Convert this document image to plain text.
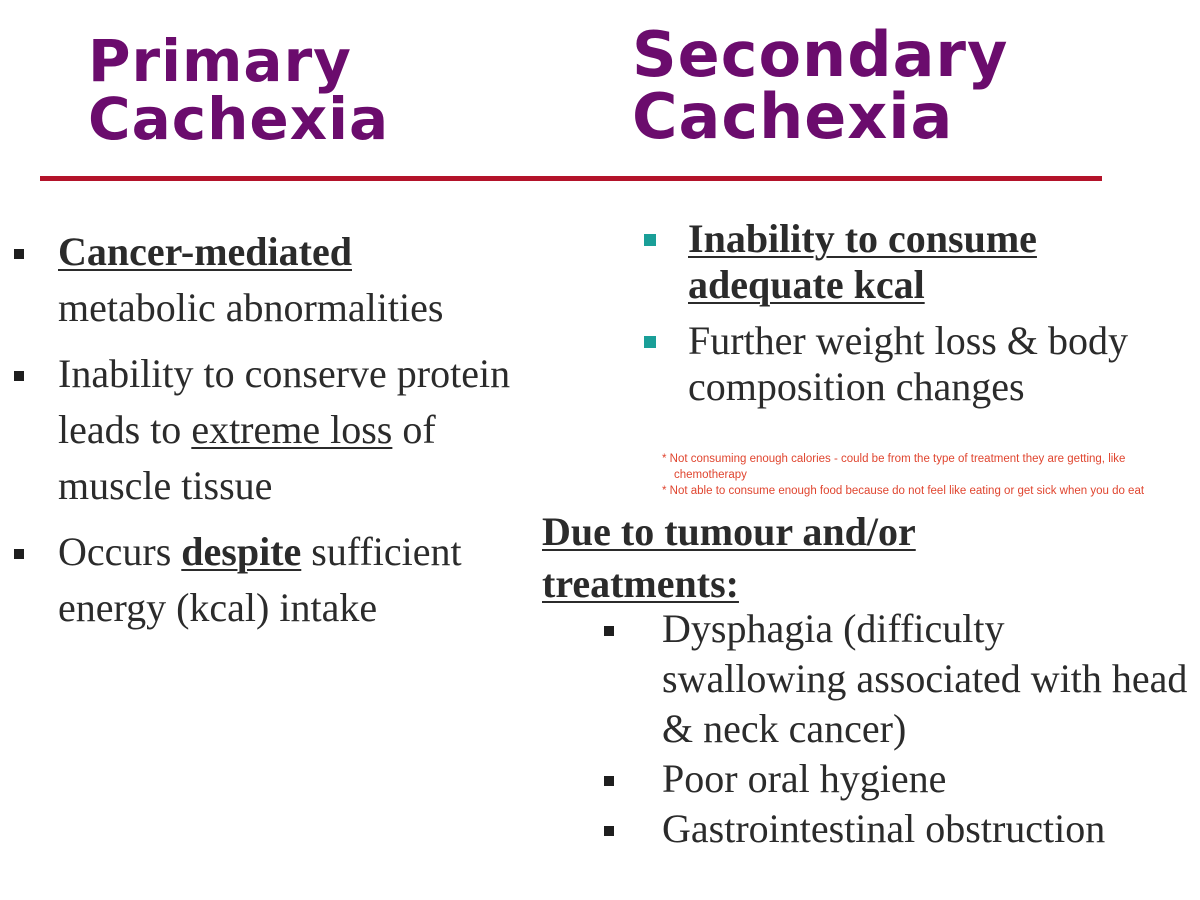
Primary
Cachexia
Secondary
Cachexia
Cancer-mediated
metabolic abnormalities
Inability to conserve protein leads to extreme loss of muscle tissue
Occurs despite sufficient energy (kcal) intake
Inability to consume adequate kcal
Further weight loss & body composition changes
* Not consuming enough calories - could be from the type of treatment they are getting, like chemotherapy
* Not able to consume enough food because do not feel like eating or get sick when you do eat

Due to tumour and/or treatments:

Dysphagia (difficulty swallowing associated with head & neck cancer)
Poor oral hygiene
Gastrointestinal obstruction
